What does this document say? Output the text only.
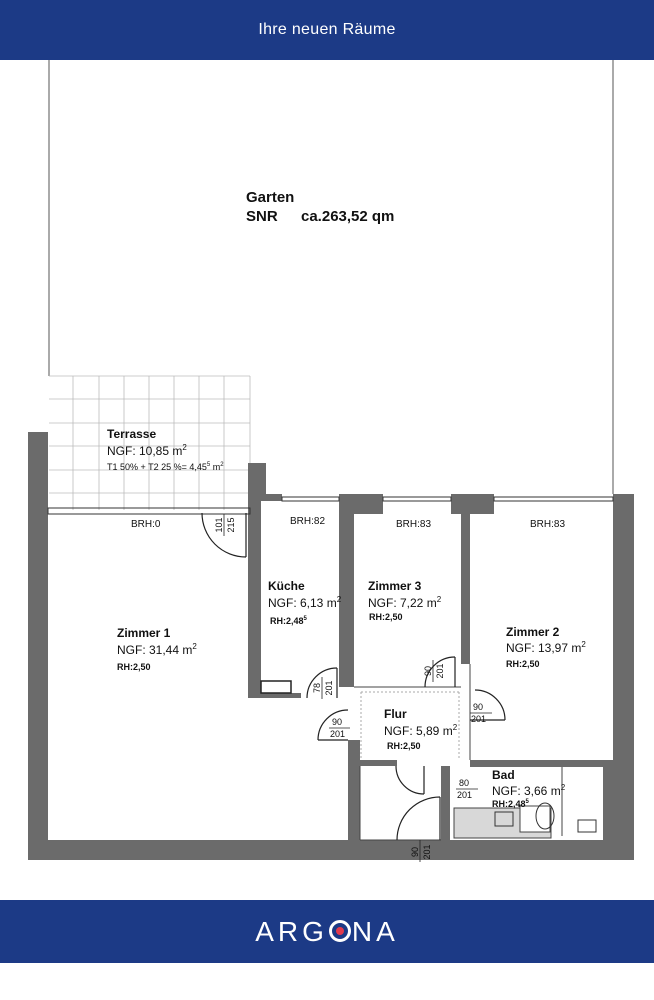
Ihre neuen Räume
Garten
SNR ca.263,52 qm
Terrasse
NGF: 10,85 $m^2$
T1 50% + T2 25 %= $4,45^5$ $m^2$
BRH:0	BRH:82	BRH:83	BRH:83
Zimmer 1
NGF: 31,44 $m^2$
RH:2,50
Küche
NGF: 6,13 $m^2$
RH:2,48$^5$
Zimmer 3
NGF: 7,22 $m^2$
RH:2,50
Zimmer 2
NGF: 13,97 $m^2$
RH:2,50
Flur
NGF: 5,89 $m^2$
RH:2,50
Bad
NGF: 3,66 $m^2$
RH:2,48$^5$
101 215
78 201
90 201
90
201
90
201
80
201
90 201
ARG NA
